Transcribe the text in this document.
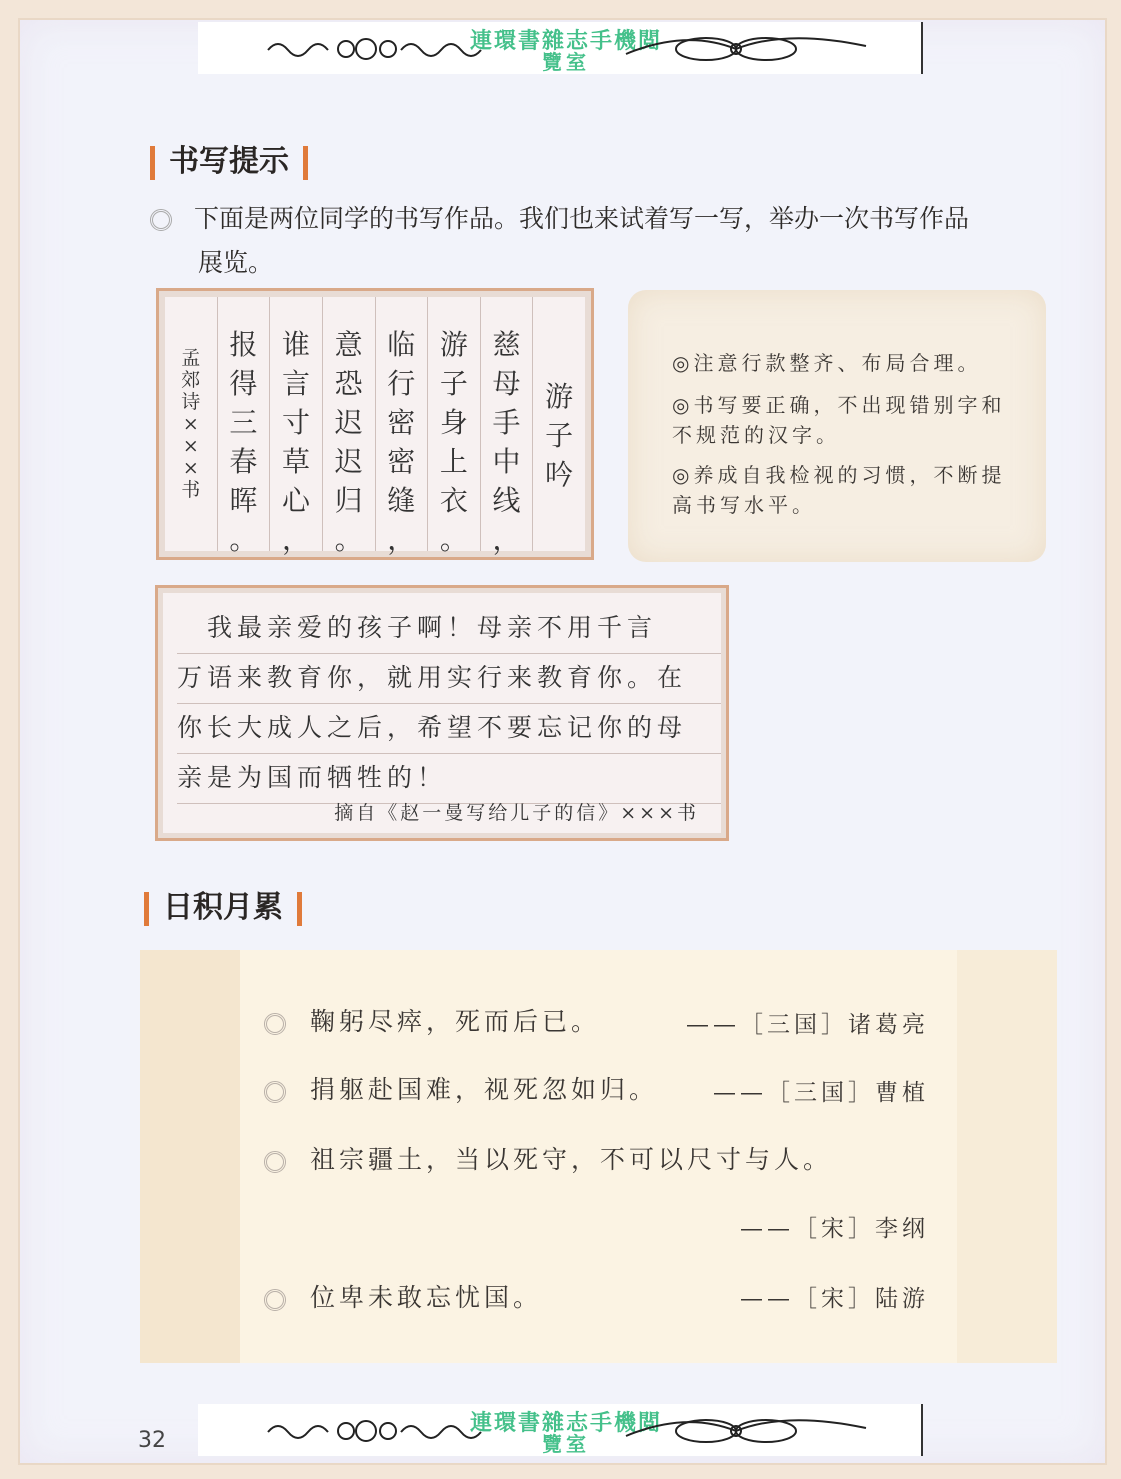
連環書雜志手機閲
覽室
书写提示
下面是两位同学的书写作品。我们也来试着写一写，举办一次书写作品
展览。
游
子
吟
慈
母
手
中
线
，
游
子
身
上
衣
。
临
行
密
密
缝
，
意
恐
迟
迟
归
。
谁
言
寸
草
心
，
报
得
三
春
晖
。
孟
郊
诗
×
×
×
书
◎注意行款整齐、布局合理。
◎书写要正确，不出现错别字和不规范的汉字。
◎养成自我检视的习惯，不断提高书写水平。
　我最亲爱的孩子啊！母亲不用千言
万语来教育你，就用实行来教育你。在
你长大成人之后，希望不要忘记你的母
亲是为国而牺牲的！
摘自《赵一曼写给儿子的信》×××书
日积月累
鞠躬尽瘁，死而后已。	——［三国］诸葛亮
捐躯赴国难，视死忽如归。 ——［三国］曹植
祖宗疆土，当以死守，不可以尺寸与人。
——［宋］李纲
位卑未敢忘忧国。	——［宋］陆游
連環書雜志手機閲
覽室
32
